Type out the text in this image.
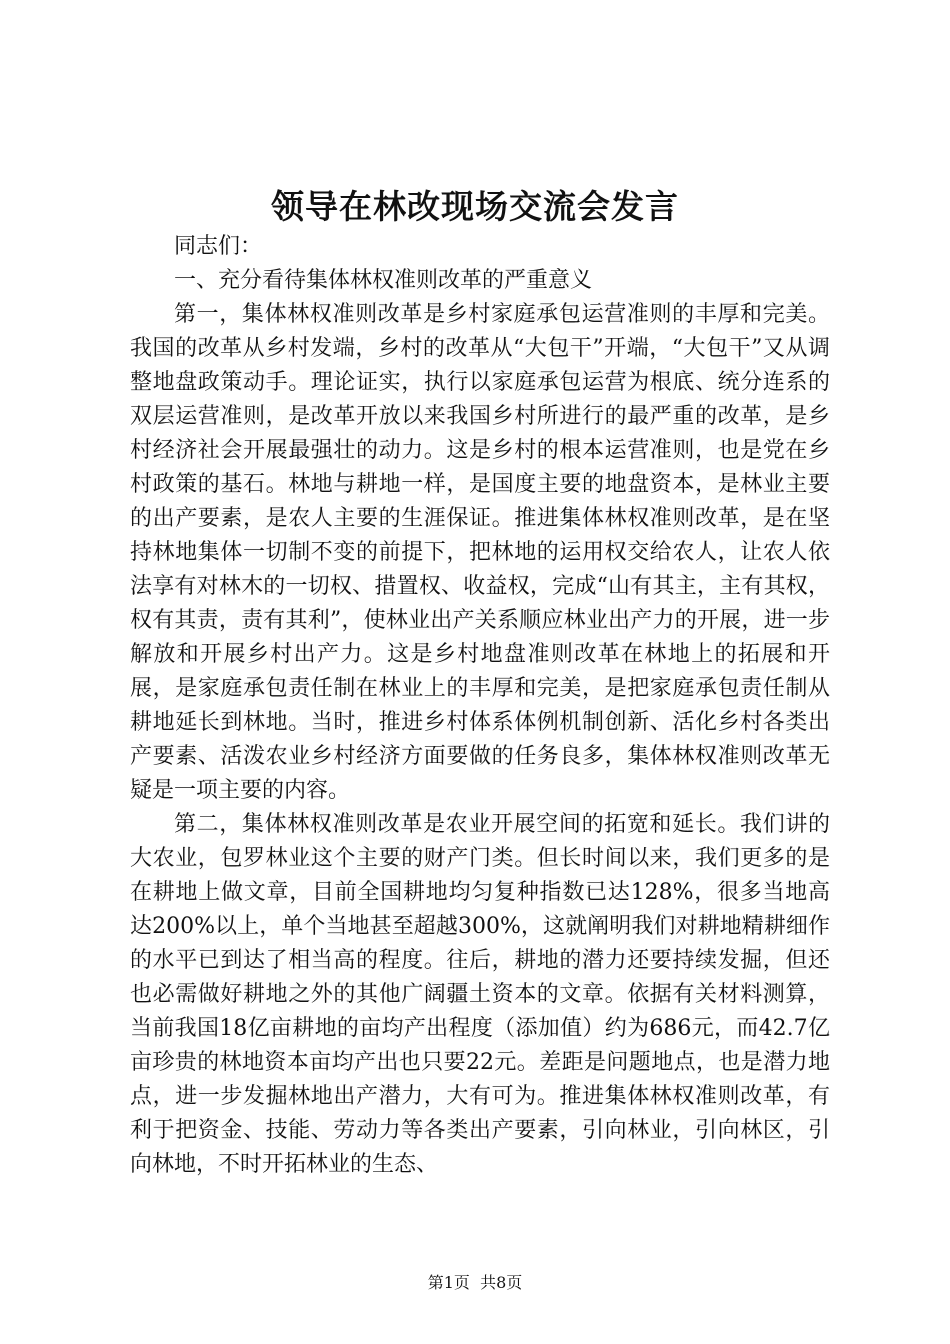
领导在林改现场交流会发言

同志们：

一、充分看待集体林权准则改革的严重意义

第一，集体林权准则改革是乡村家庭承包运营准则的丰厚和完美。我国的改革从乡村发端，乡村的改革从“大包干”开端，“大包干”又从调整地盘政策动手。理论证实，执行以家庭承包运营为根底、统分连系的双层运营准则，是改革开放以来我国乡村所进行的最严重的改革，是乡村经济社会开展最强壮的动力。这是乡村的根本运营准则，也是党在乡村政策的基石。林地与耕地一样，是国度主要的地盘资本，是林业主要的出产要素，是农人主要的生涯保证。推进集体林权准则改革，是在坚持林地集体一切制不变的前提下，把林地的运用权交给农人，让农人依法享有对林木的一切权、措置权、收益权，完成“山有其主，主有其权，权有其责，责有其利”，使林业出产关系顺应林业出产力的开展，进一步解放和开展乡村出产力。这是乡村地盘准则改革在林地上的拓展和开展，是家庭承包责任制在林业上的丰厚和完美，是把家庭承包责任制从耕地延长到林地。当时，推进乡村体系体例机制创新、活化乡村各类出产要素、活泼农业乡村经济方面要做的任务良多，集体林权准则改革无疑是一项主要的内容。

第二，集体林权准则改革是农业开展空间的拓宽和延长。我们讲的大农业，包罗林业这个主要的财产门类。但长时间以来，我们更多的是在耕地上做文章，目前全国耕地均匀复种指数已达128%，很多当地高达200%以上，单个当地甚至超越300%，这就阐明我们对耕地精耕细作的水平已到达了相当高的程度。往后，耕地的潜力还要持续发掘，但还也必需做好耕地之外的其他广阔疆土资本的文章。依据有关材料测算，当前我国18亿亩耕地的亩均产出程度（添加值）约为686元，而42.7亿亩珍贵的林地资本亩均产出也只要22元。差距是问题地点，也是潜力地点，进一步发掘林地出产潜力，大有可为。推进集体林权准则改革，有利于把资金、技能、劳动力等各类出产要素，引向林业，引向林区，引向林地，不时开拓林业的生态、

第1页  共8页
